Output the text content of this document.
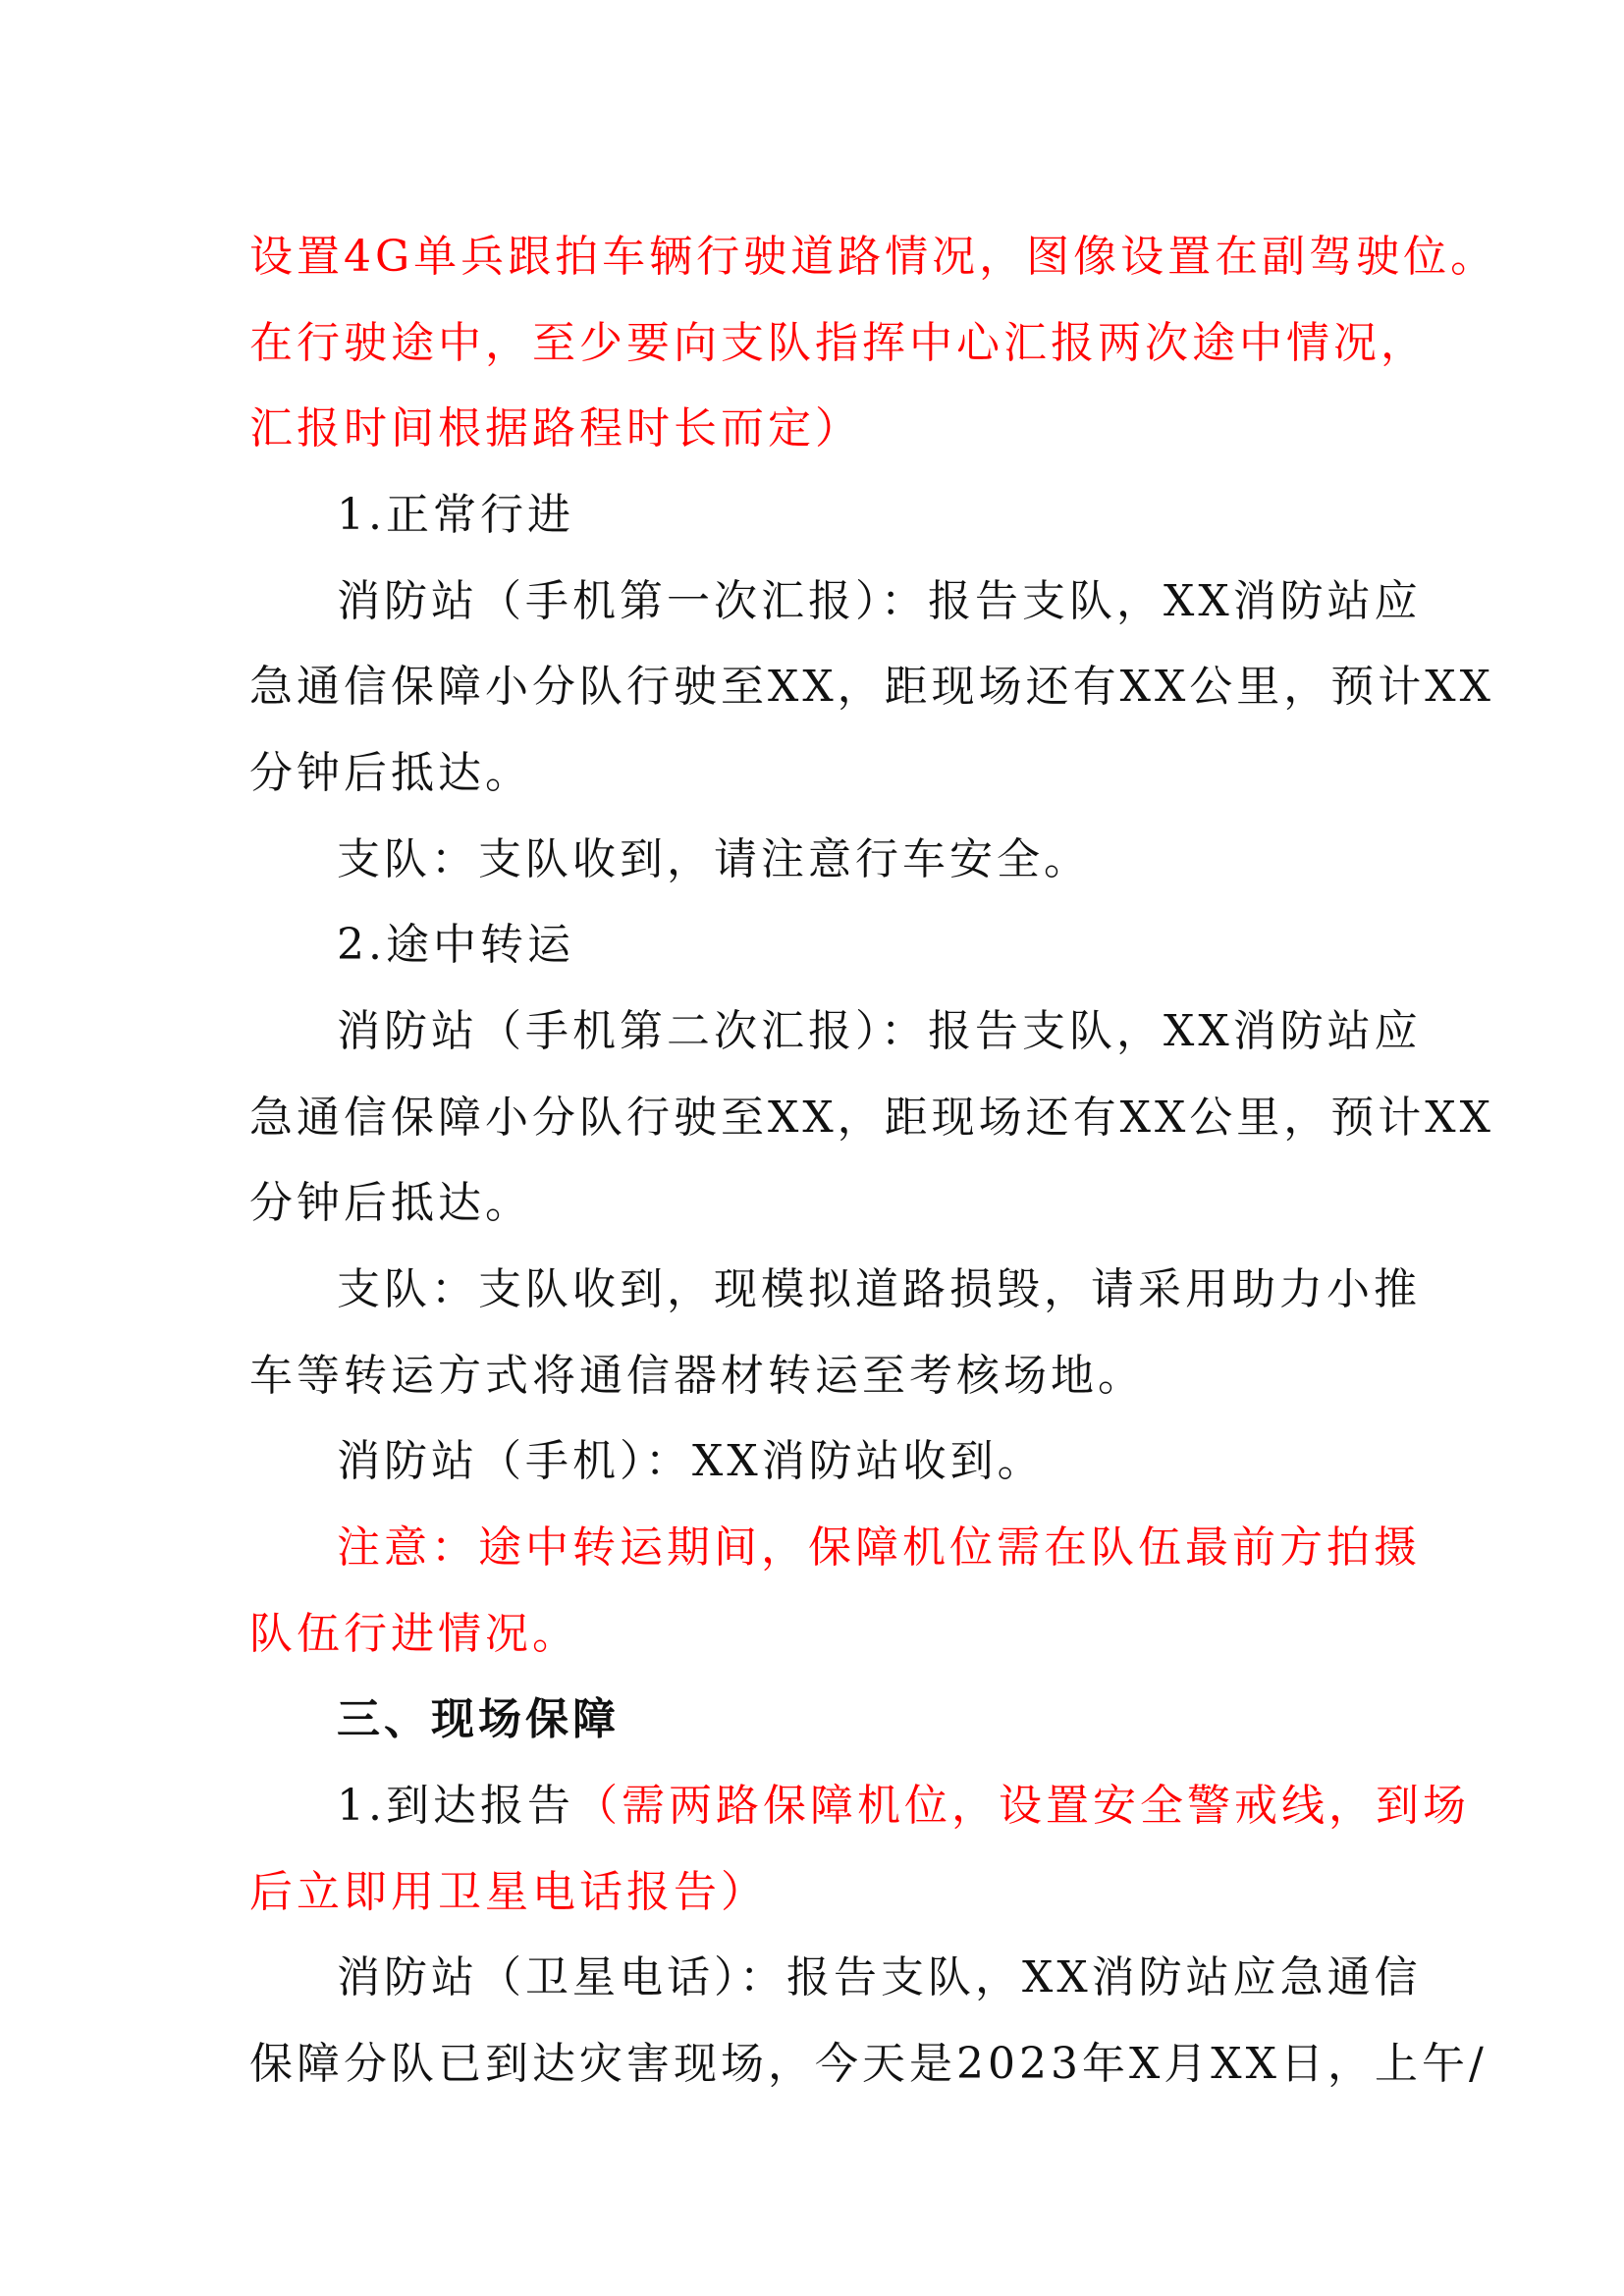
设置4G单兵跟拍车辆行驶道路情况，图像设置在副驾驶位。
在行驶途中，至少要向支队指挥中心汇报两次途中情况，
汇报时间根据路程时长而定）
1.正常行进
消防站（手机第一次汇报）：报告支队，XX消防站应
急通信保障小分队行驶至XX，距现场还有XX公里，预计XX
分钟后抵达。
支队：支队收到，请注意行车安全。
2.途中转运
消防站（手机第二次汇报）：报告支队，XX消防站应
急通信保障小分队行驶至XX，距现场还有XX公里，预计XX
分钟后抵达。
支队：支队收到，现模拟道路损毁，请采用助力小推
车等转运方式将通信器材转运至考核场地。
消防站（手机）：XX消防站收到。
注意：途中转运期间，保障机位需在队伍最前方拍摄
队伍行进情况。
三、现场保障
1.到达报告（需两路保障机位，设置安全警戒线，到场
后立即用卫星电话报告）
消防站（卫星电话）：报告支队，XX消防站应急通信
保障分队已到达灾害现场，今天是2023年X月XX日，上午/
